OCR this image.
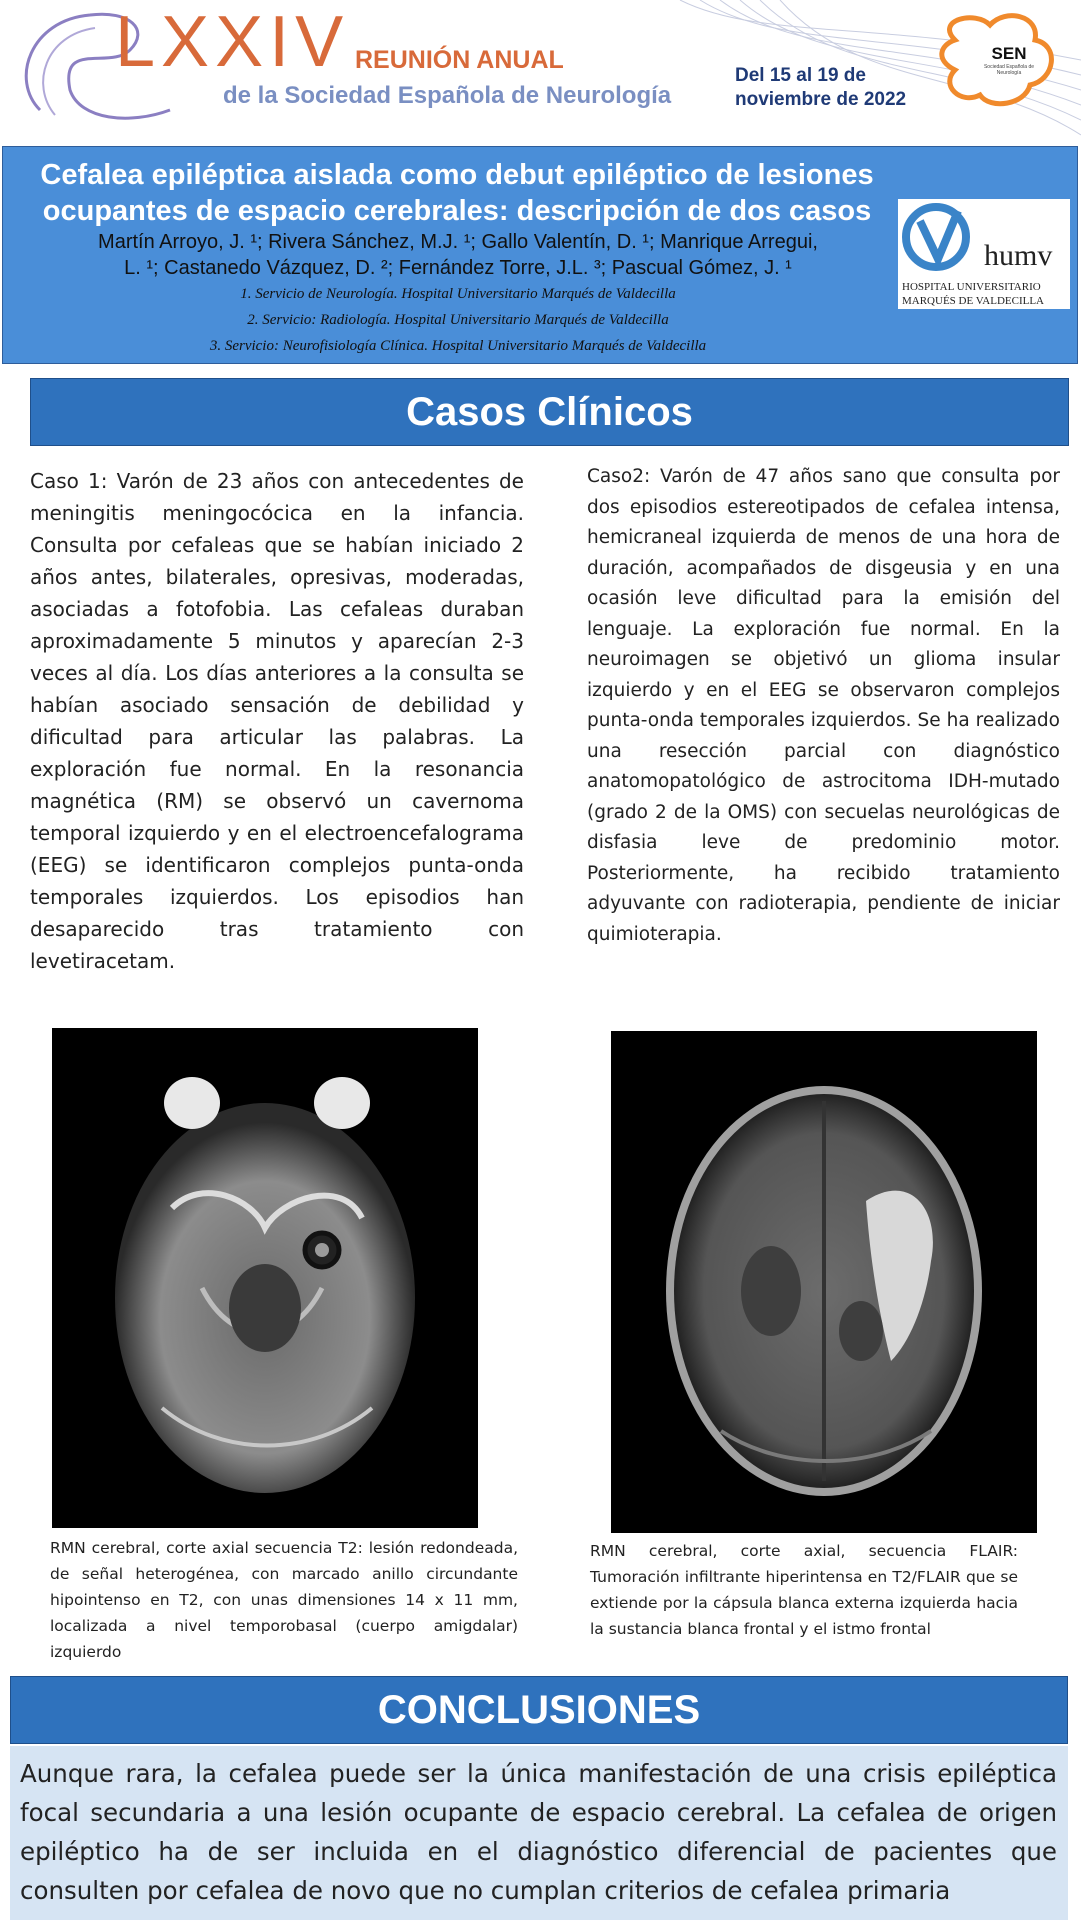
LXXIV REUNIÓN ANUAL
de la Sociedad Española de Neurología
Del 15 al 19 de
noviembre de 2022
SEN
Sociedad Española de Neurología
Cefalea epiléptica aislada como debut epiléptico de lesiones ocupantes de espacio cerebrales: descripción de dos casos
Martín Arroyo, J. ¹; Rivera Sánchez, M.J. ¹; Gallo Valentín, D. ¹; Manrique Arregui,
L. ¹; Castanedo Vázquez, D. ²; Fernández Torre, J.L. ³; Pascual Gómez, J. ¹
1. Servicio de Neurología. Hospital Universitario Marqués de Valdecilla
2. Servicio: Radiología. Hospital Universitario Marqués de Valdecilla
3. Servicio: Neurofisiología Clínica. Hospital Universitario Marqués de Valdecilla
humv
HOSPITAL UNIVERSITARIO
MARQUÉS DE VALDECILLA
Casos Clínicos
Caso 1: Varón de 23 años con antecedentes de meningitis meningocócica en la infancia. Consulta por cefaleas que se habían iniciado 2 años antes, bilaterales, opresivas, moderadas, asociadas a fotofobia. Las cefaleas duraban aproximadamente 5 minutos y aparecían 2-3 veces al día. Los días anteriores a la consulta se habían asociado sensación de debilidad y dificultad para articular las palabras. La exploración fue normal. En la resonancia magnética (RM) se observó un cavernoma temporal izquierdo y en el electroencefalograma (EEG) se identificaron complejos punta-onda temporales izquierdos. Los episodios han desaparecido tras tratamiento con levetiracetam.
Caso2: Varón de 47 años sano que consulta por dos episodios estereotipados de cefalea intensa, hemicraneal izquierda de menos de una hora de duración, acompañados de disgeusia y en una ocasión leve dificultad para la emisión del lenguaje. La exploración fue normal. En la neuroimagen se objetivó un glioma insular izquierdo y en el EEG se observaron complejos punta-onda temporales izquierdos. Se ha realizado una resección parcial con diagnóstico anatomopatológico de astrocitoma IDH-mutado (grado 2 de la OMS) con secuelas neurológicas de disfasia leve de predominio motor. Posteriormente, ha recibido tratamiento adyuvante con radioterapia, pendiente de iniciar quimioterapia.
RMN cerebral, corte axial secuencia T2: lesión redondeada, de señal heterogénea, con marcado anillo circundante hipointenso en T2, con unas dimensiones 14 x 11 mm, localizada a nivel temporobasal (cuerpo amigdalar) izquierdo
RMN cerebral, corte axial, secuencia FLAIR: Tumoración infiltrante hiperintensa en T2/FLAIR que se extiende por la cápsula blanca externa izquierda hacia la sustancia blanca frontal y el istmo frontal
CONCLUSIONES
Aunque rara, la cefalea puede ser la única manifestación de una crisis epiléptica focal secundaria a una lesión ocupante de espacio cerebral. La cefalea de origen epiléptico ha de ser incluida en el diagnóstico diferencial de pacientes que consulten por cefalea de novo que no cumplan criterios de cefalea primaria
